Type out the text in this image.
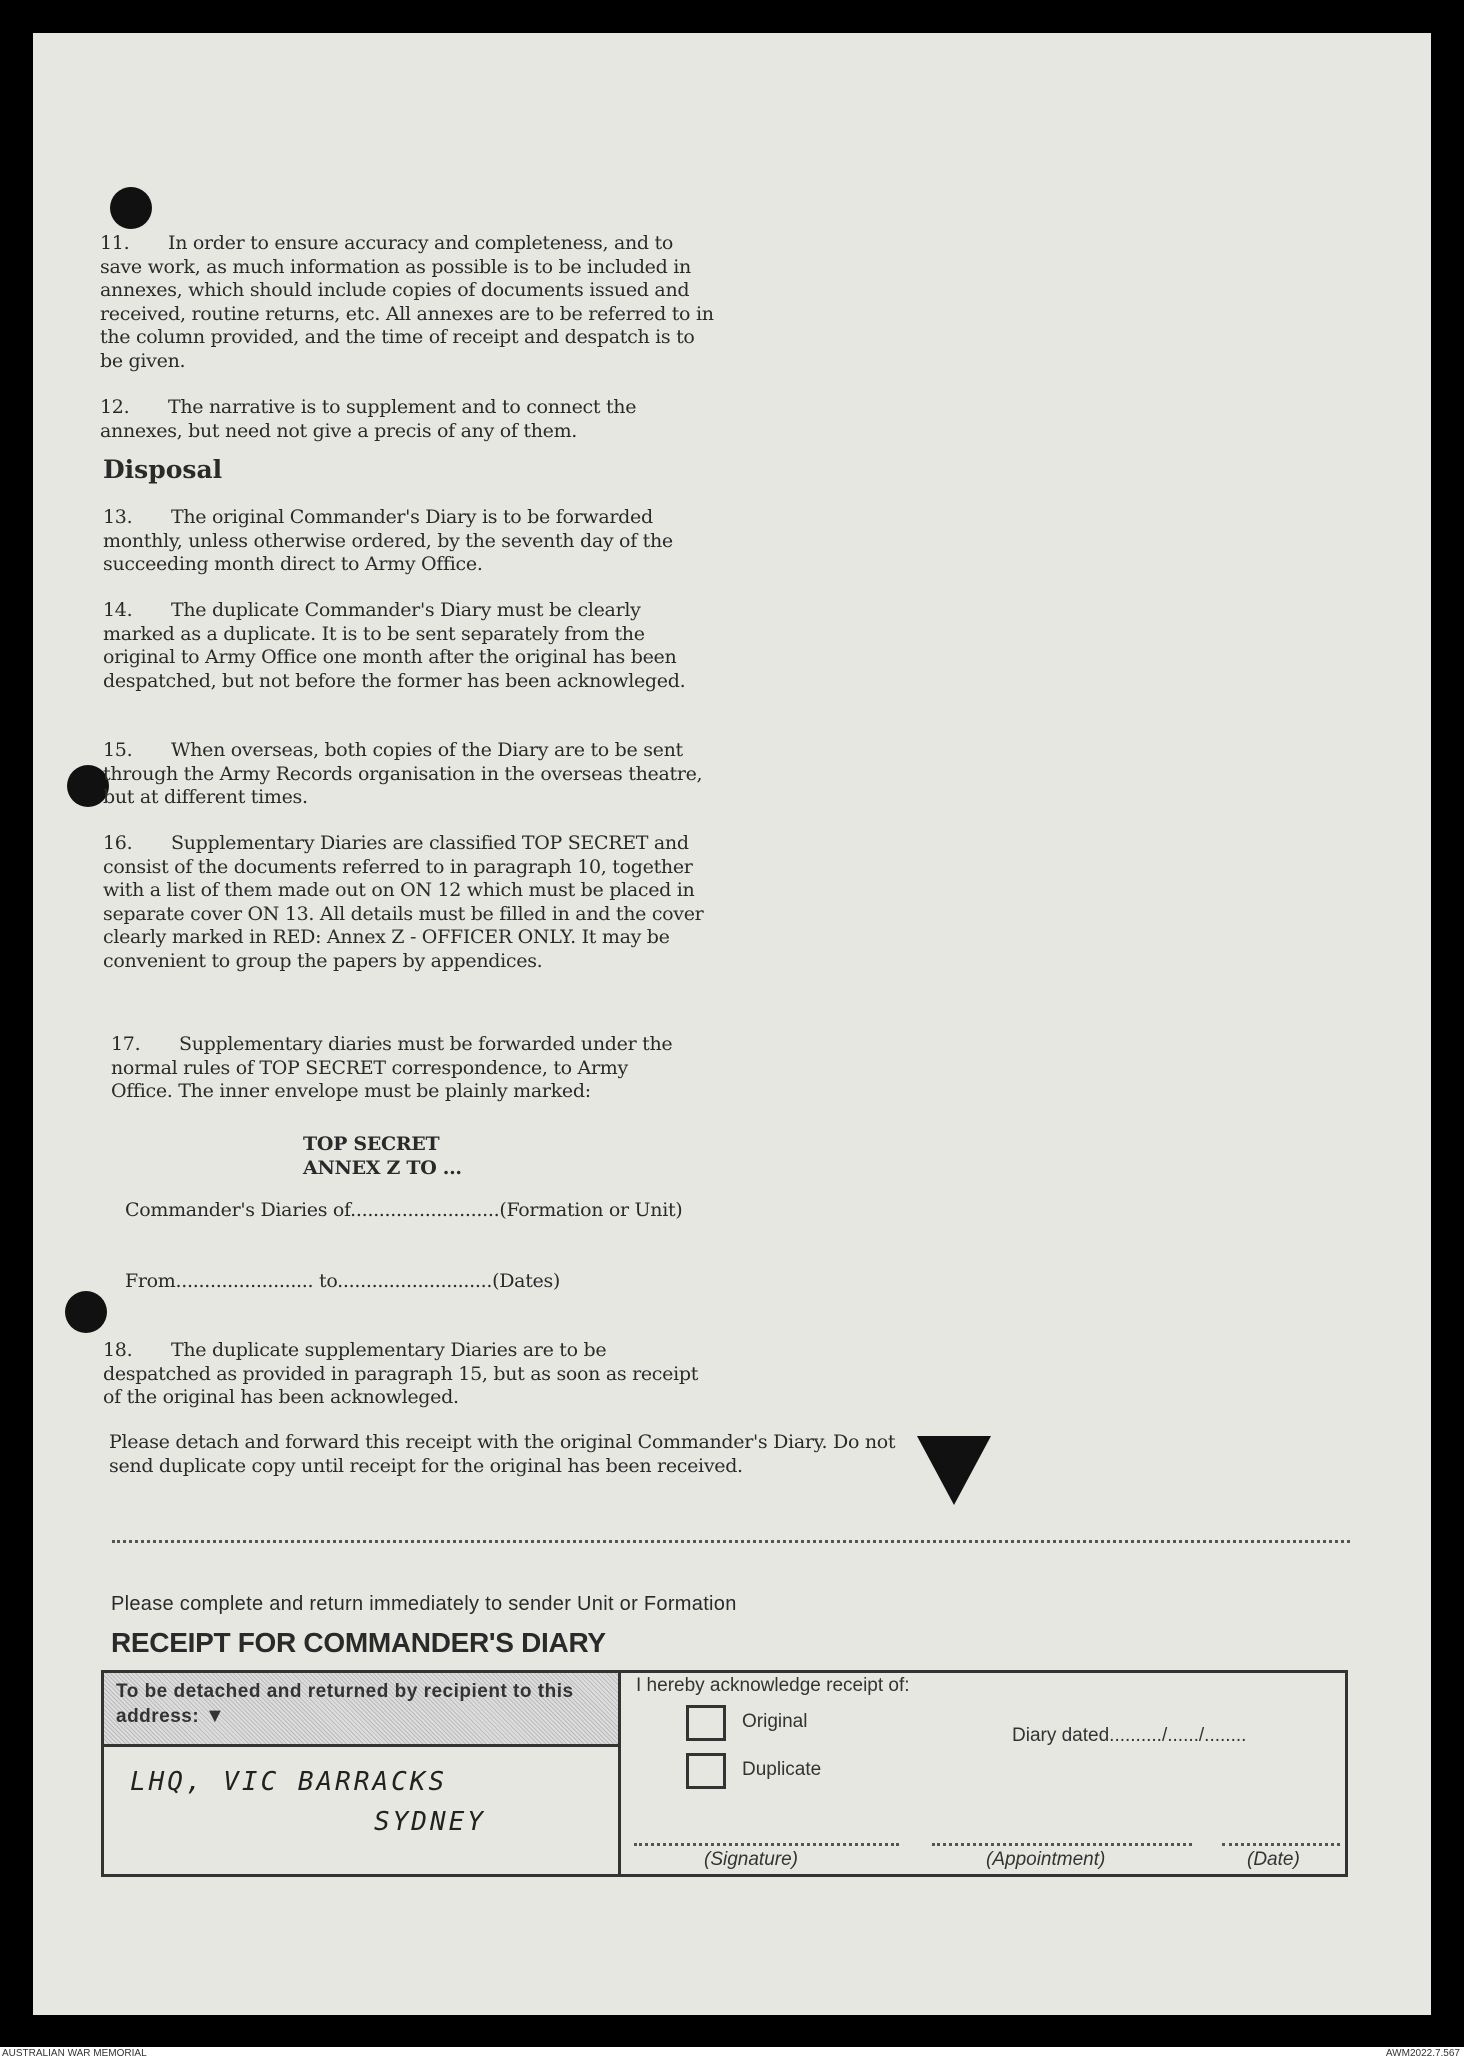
11. In order to ensure accuracy and completeness, and to save work, as much information as possible is to be included in annexes, which should include copies of documents issued and received, routine returns, etc. All annexes are to be referred to in the column provided, and the time of receipt and despatch is to be given.
12. The narrative is to supplement and to connect the annexes, but need not give a precis of any of them.
Disposal
13. The original Commander's Diary is to be forwarded monthly, unless otherwise ordered, by the seventh day of the succeeding month direct to Army Office.
14. The duplicate Commander's Diary must be clearly marked as a duplicate. It is to be sent separately from the original to Army Office one month after the original has been despatched, but not before the former has been acknowleged.
15. When overseas, both copies of the Diary are to be sent through the Army Records organisation in the overseas theatre, but at different times.
16. Supplementary Diaries are classified TOP SECRET and consist of the documents referred to in paragraph 10, together with a list of them made out on ON 12 which must be placed in separate cover ON 13. All details must be filled in and the cover clearly marked in RED: Annex Z - OFFICER ONLY. It may be convenient to group the papers by appendices.
17. Supplementary diaries must be forwarded under the normal rules of TOP SECRET correspondence, to Army Office. The inner envelope must be plainly marked:
TOP SECRET
ANNEX Z TO ...
Commander's Diaries of..........................(Formation or Unit)
From........................ to...........................(Dates)
18. The duplicate supplementary Diaries are to be despatched as provided in paragraph 15, but as soon as receipt of the original has been acknowleged.
Please detach and forward this receipt with the original Commander's Diary. Do not send duplicate copy until receipt for the original has been received.
Please complete and return immediately to sender Unit or Formation
RECEIPT FOR COMMANDER'S DIARY
To be detached and returned by recipient to this address: ▼
LHQ, VIC BARRACKS
SYDNEY
I hereby acknowledge receipt of:
Original
Duplicate
Diary dated........../....../........
(Signature)	(Appointment)	(Date)
AUSTRALIAN WAR MEMORIAL	AWM2022.7.567
